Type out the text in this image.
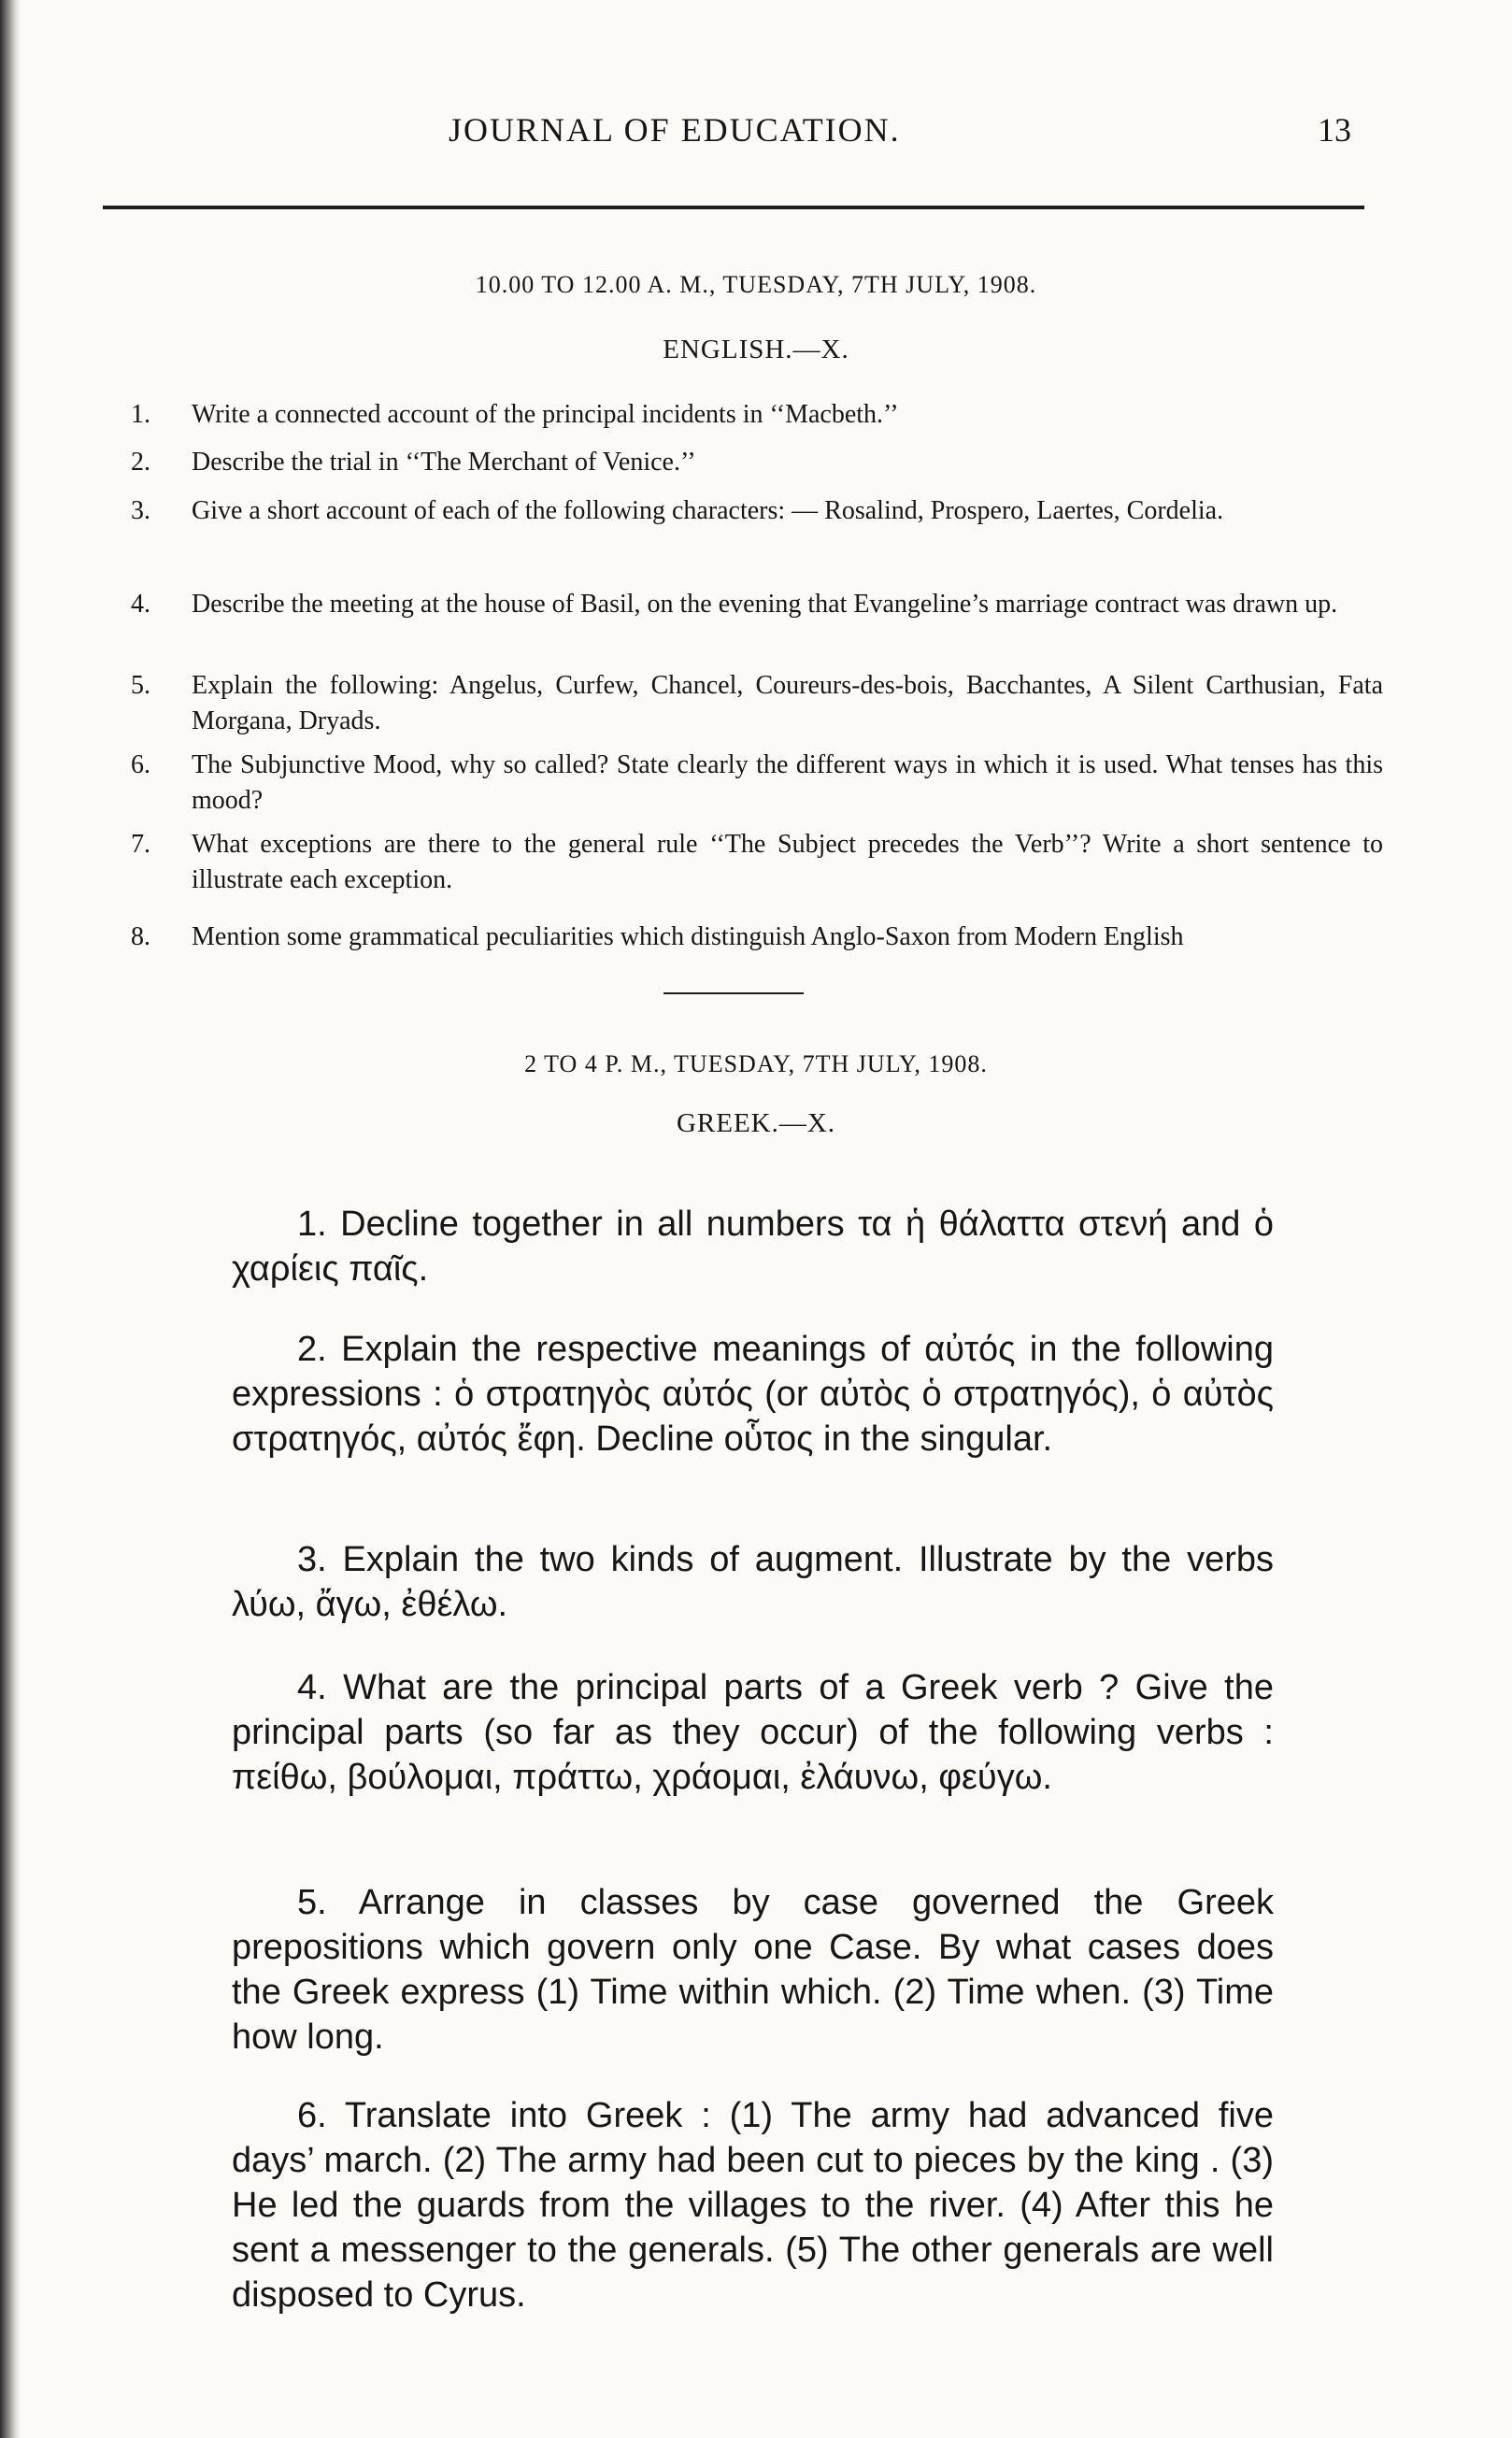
JOURNAL OF EDUCATION.	13
10.00 TO 12.00 A. M., TUESDAY, 7TH JULY, 1908.
ENGLISH.—X.
1.	Write a connected account of the principal incidents in ‘‘Macbeth.’’
2.	Describe the trial in ‘‘The Merchant of Venice.’’
3.	Give a short account of each of the following characters: — Rosalind, Prospero, Laertes, Cordelia.
4.	Describe the meeting at the house of Basil, on the evening that Evangeline’s marriage contract was drawn up.
5.	Explain the following: Angelus, Curfew, Chancel, Coureurs-des-bois, Bacchantes, A Silent Carthusian, Fata Morgana, Dryads.
6.	The Subjunctive Mood, why so called? State clearly the different ways in which it is used. What tenses has this mood?
7.	What exceptions are there to the general rule ‘‘The Subject precedes the Verb’’? Write a short sentence to illustrate each exception.
8.	Mention some grammatical peculiarities which distinguish Anglo-Saxon from Modern English
2 TO 4 P. M., TUESDAY, 7TH JULY, 1908.
GREEK.—X.
1. Decline together in all numbers τα ἡ θάλαττα στενή and ὁ χαρίεις παῖς.
2. Explain the respective meanings of αὐτός in the following expressions : ὁ στρατηγὸς αὐτός (or αὐτὸς ὁ στρατηγός), ὁ αὐτὸς στρατηγός, αὐτός ἔφη. Decline οὗτος in the singular.
3. Explain the two kinds of augment. Illustrate by the verbs λύω, ἄγω, ἐθέλω.
4. What are the principal parts of a Greek verb ? Give the principal parts (so far as they occur) of the following verbs : πείθω, βούλομαι, πράττω, χράομαι, ἐλάυνω, φεύγω.
5. Arrange in classes by case governed the Greek prepositions which govern only one Case. By what cases does the Greek express (1) Time within which. (2) Time when. (3) Time how long.
6. Translate into Greek : (1) The army had advanced five days’ march. (2) The army had been cut to pieces by the king . (3) He led the guards from the villages to the river. (4) After this he sent a messenger to the generals. (5) The other generals are well disposed to Cyrus.
